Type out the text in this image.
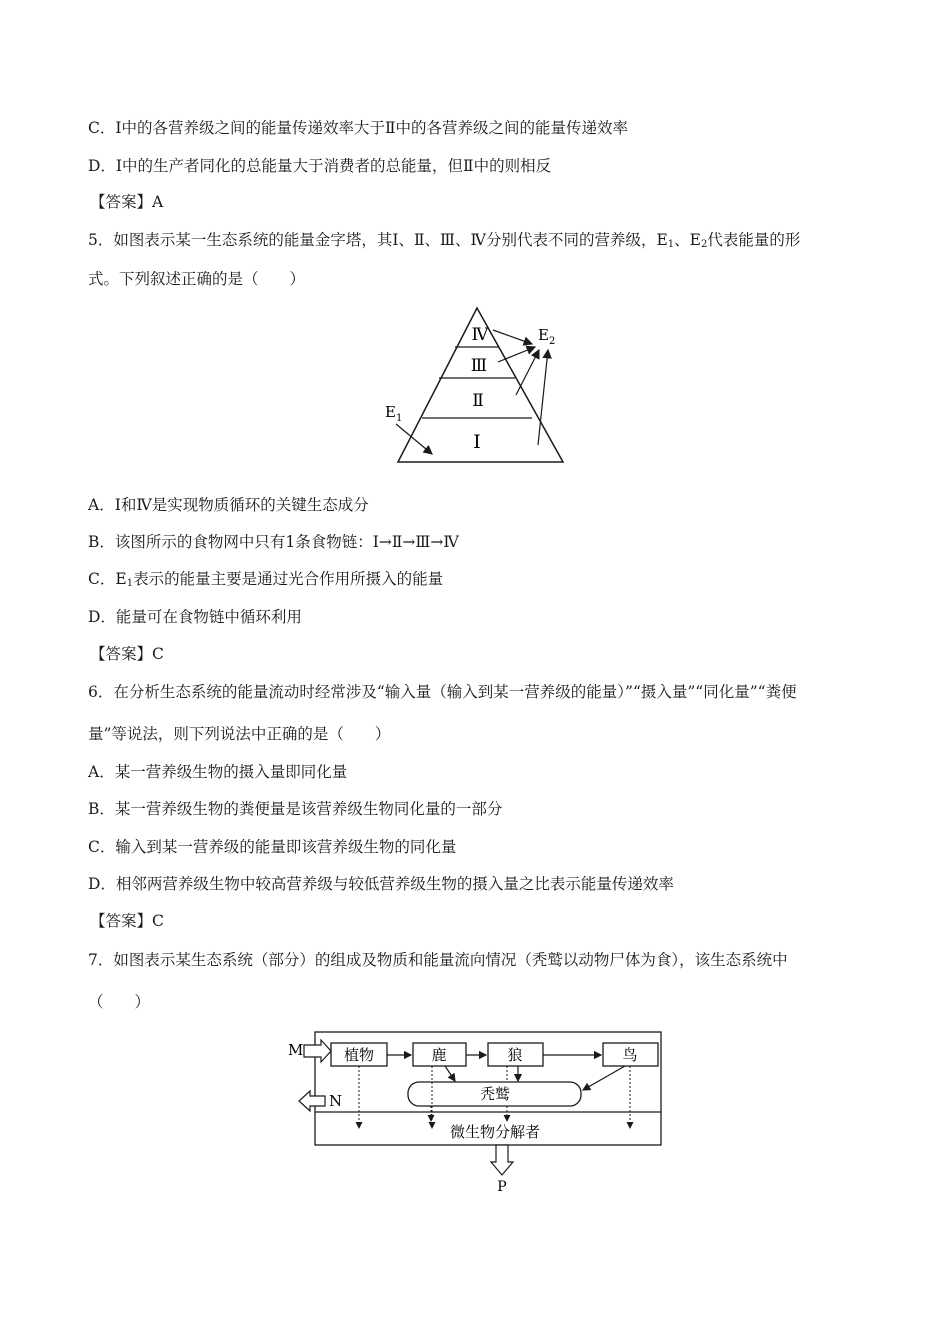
C．Ⅰ中的各营养级之间的能量传递效率大于Ⅱ中的各营养级之间的能量传递效率
D．Ⅰ中的生产者同化的总能量大于消费者的总能量，但Ⅱ中的则相反
【答案】A
5．如图表示某一生态系统的能量金字塔，其Ⅰ、Ⅱ、Ⅲ、Ⅳ分别代表不同的营养级，$E_1$、$E_2$代表能量的形
式。下列叙述正确的是（　　）
Ⅳ
Ⅲ
Ⅱ
Ⅰ
$E_1$
$E_2$
A．Ⅰ和Ⅳ是实现物质循环的关键生态成分
B．该图所示的食物网中只有1条食物链：Ⅰ→Ⅱ→Ⅲ→Ⅳ
C．$E_1$表示的能量主要是通过光合作用所摄入的能量
D．能量可在食物链中循环利用
【答案】C
6．在分析生态系统的能量流动时经常涉及“输入量（输入到某一营养级的能量）”“摄入量”“同化量”“粪便
量”等说法，则下列说法中正确的是（　　）
A．某一营养级生物的摄入量即同化量
B．某一营养级生物的粪便量是该营养级生物同化量的一部分
C．输入到某一营养级的能量即该营养级生物的同化量
D．相邻两营养级生物中较高营养级与较低营养级生物的摄入量之比表示能量传递效率
【答案】C
7．如图表示某生态系统（部分）的组成及物质和能量流向情况（秃鹫以动物尸体为食），该生态系统中
（　　）
M
N
植物	鹿	狼	鸟
秃鹫
微生物分解者
P
